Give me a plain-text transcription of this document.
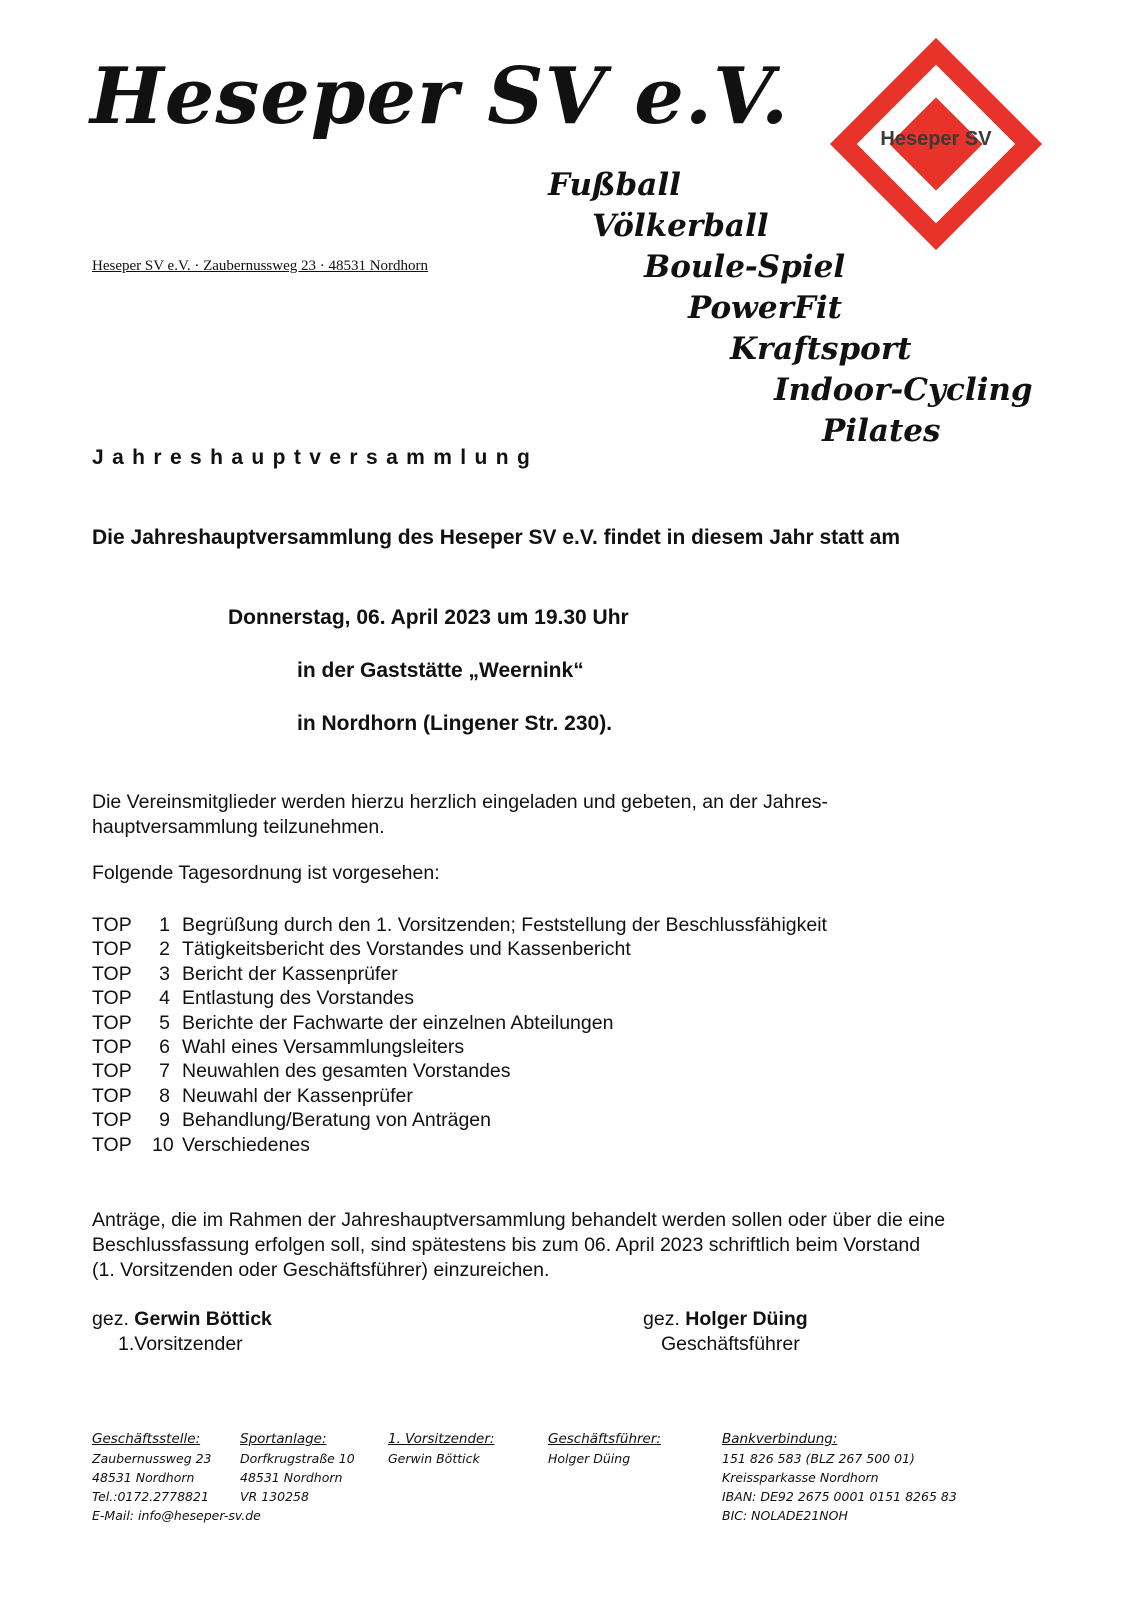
Heseper SV e.V.
Heseper SV e.V. · Zaubernussweg 23 · 48531 Nordhorn
Heseper SV
Fußball
Völkerball
Boule-Spiel
PowerFit
Kraftsport
Indoor-Cycling
Pilates
Jahreshauptversammlung
Die Jahreshauptversammlung des Heseper SV e.V. findet in diesem Jahr statt am
Donnerstag, 06. April 2023 um 19.30 Uhr
in der Gaststätte „Weernink“
in Nordhorn (Lingener Str. 230).
Die Vereinsmitglieder werden hierzu herzlich eingeladen und gebeten, an der Jahres-
hauptversammlung teilzunehmen.
Folgende Tagesordnung ist vorgesehen:
TOP	1 Begrüßung durch den 1. Vorsitzenden; Feststellung der Beschlussfähigkeit
TOP	2 Tätigkeitsbericht des Vorstandes und Kassenbericht
TOP	3 Bericht der Kassenprüfer
TOP	4 Entlastung des Vorstandes
TOP	5 Berichte der Fachwarte der einzelnen Abteilungen
TOP	6 Wahl eines Versammlungsleiters
TOP	7 Neuwahlen des gesamten Vorstandes
TOP	8 Neuwahl der Kassenprüfer
TOP	9 Behandlung/Beratung von Anträgen
TOP	10 Verschiedenes
Anträge, die im Rahmen der Jahreshauptversammlung behandelt werden sollen oder über die eine
Beschlussfassung erfolgen soll, sind spätestens bis zum 06. April 2023 schriftlich beim Vorstand
(1. Vorsitzenden oder Geschäftsführer) einzureichen.
gez. Gerwin Böttick
1.Vorsitzender
gez. Holger Düing
Geschäftsführer
Geschäftsstelle:
Zaubernussweg 23
48531 Nordhorn
Tel.:0172.2778821
E-Mail: info@heseper-sv.de
Sportanlage:
Dorfkrugstraße 10
48531 Nordhorn
VR 130258
1. Vorsitzender:
Gerwin Böttick
Geschäftsführer:
Holger Düing
Bankverbindung:
151 826 583 (BLZ 267 500 01)
Kreissparkasse Nordhorn
IBAN: DE92 2675 0001 0151 8265 83
BIC: NOLADE21NOH
